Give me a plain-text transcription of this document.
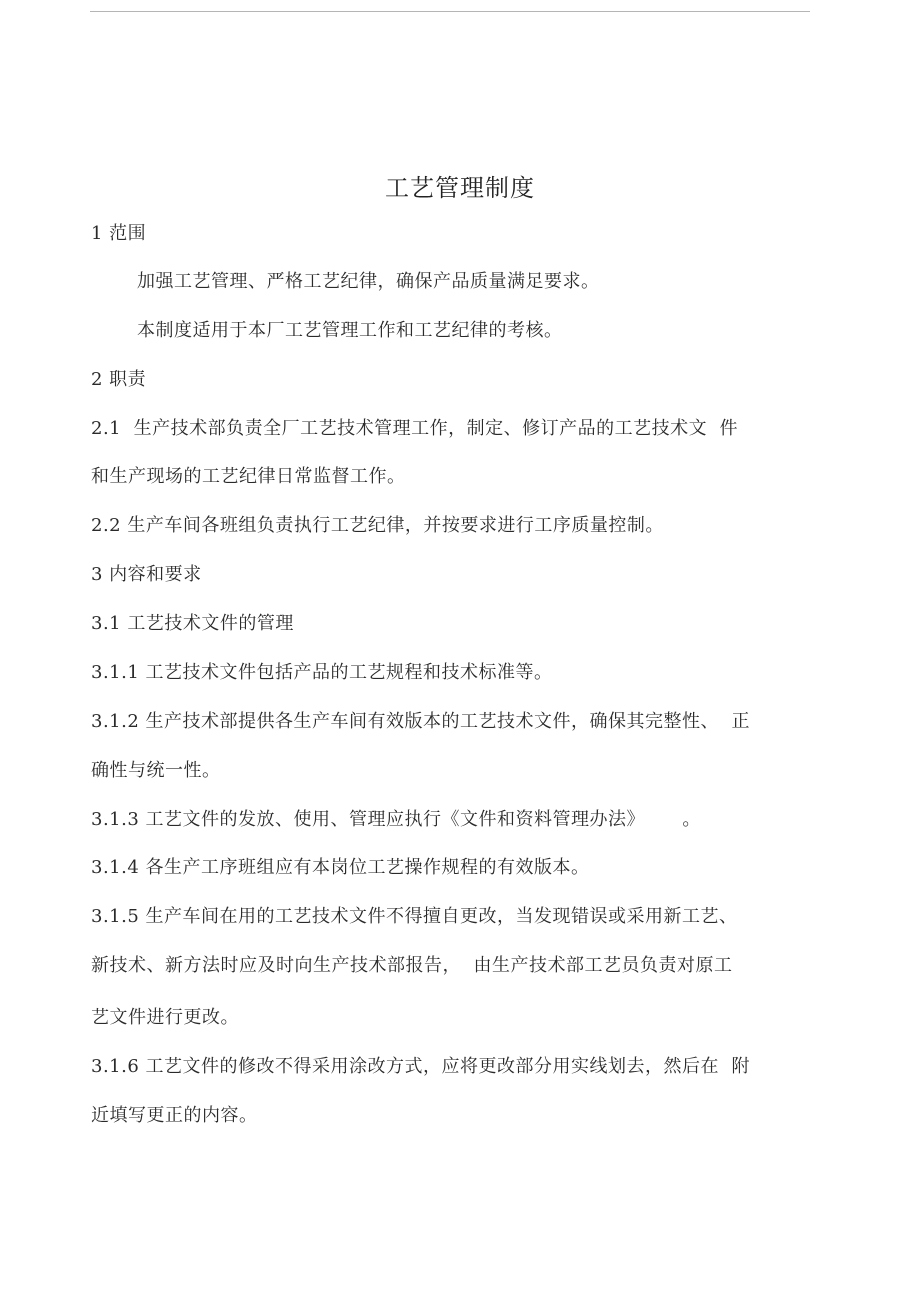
工艺管理制度
1 范围
加强工艺管理、严格工艺纪律，确保产品质量满足要求。
本制度适用于本厂工艺管理工作和工艺纪律的考核。
2 职责
2.1  生产技术部负责全厂工艺技术管理工作，制定、修订产品的工艺技术文  件
和生产现场的工艺纪律日常监督工作。
2.2 生产车间各班组负责执行工艺纪律，并按要求进行工序质量控制。
3 内容和要求
3.1 工艺技术文件的管理
3.1.1 工艺技术文件包括产品的工艺规程和技术标准等。
3.1.2 生产技术部提供各生产车间有效版本的工艺技术文件，确保其完整性、  正
确性与统一性。
3.1.3 工艺文件的发放、使用、管理应执行《文件和资料管理办法》      。
3.1.4 各生产工序班组应有本岗位工艺操作规程的有效版本。
3.1.5 生产车间在用的工艺技术文件不得擅自更改，当发现错误或采用新工艺、
新技术、新方法时应及时向生产技术部报告，  由生产技术部工艺员负责对原工
艺文件进行更改。
3.1.6 工艺文件的修改不得采用涂改方式，应将更改部分用实线划去，然后在  附
近填写更正的内容。
